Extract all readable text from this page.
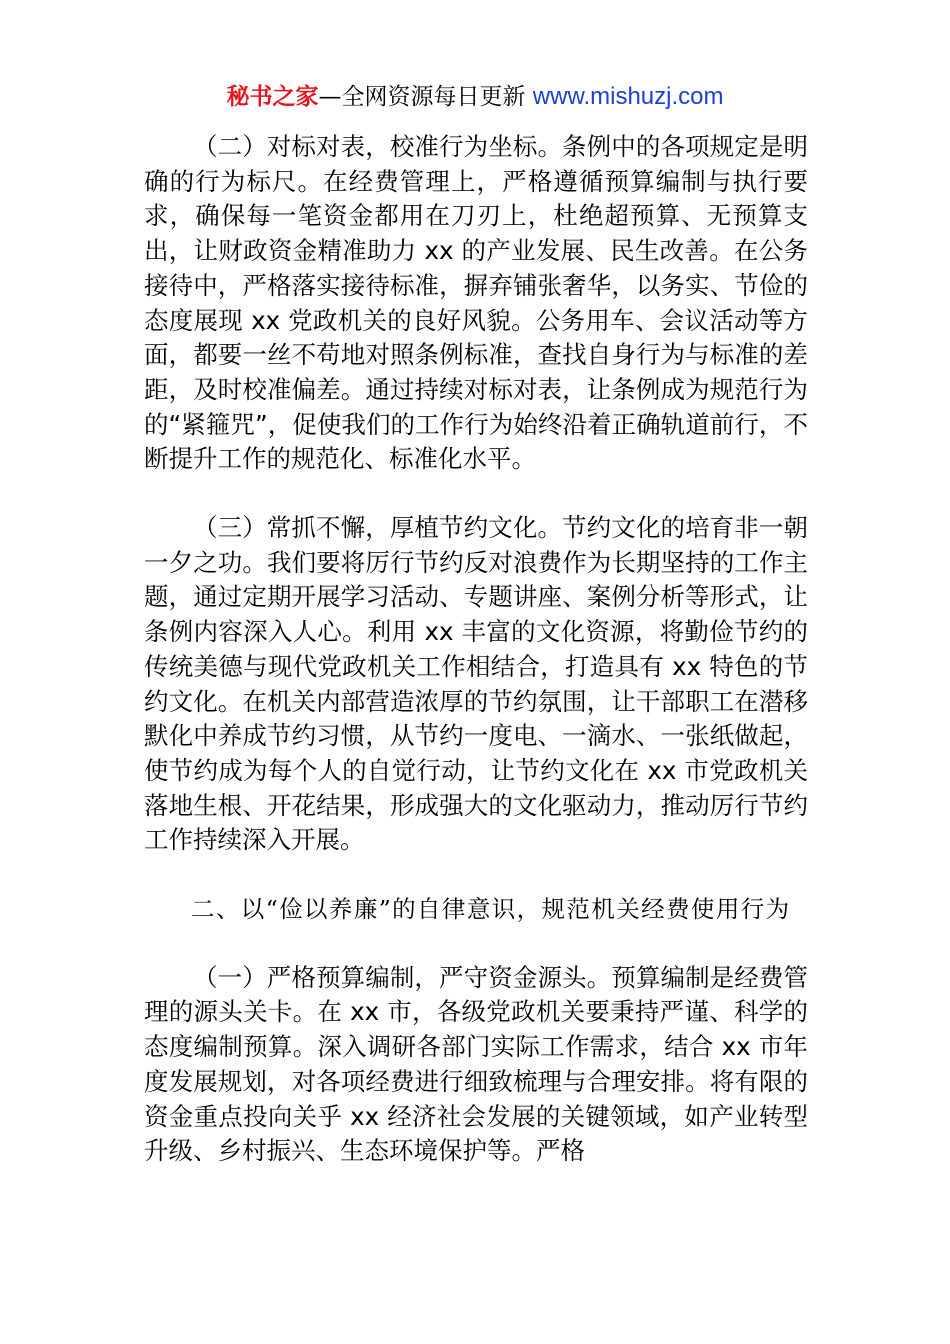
秘书之家—全网资源每日更新 www.mishuzj.com

（二）对标对表，校准行为坐标。条例中的各项规定是明确的行为标尺。在经费管理上，严格遵循预算编制与执行要求，确保每一笔资金都用在刀刃上，杜绝超预算、无预算支出，让财政资金精准助力 xx 的产业发展、民生改善。在公务接待中，严格落实接待标准，摒弃铺张奢华，以务实、节俭的态度展现 xx 党政机关的良好风貌。公务用车、会议活动等方面，都要一丝不苟地对照条例标准，查找自身行为与标准的差距，及时校准偏差。通过持续对标对表，让条例成为规范行为的“紧箍咒”，促使我们的工作行为始终沿着正确轨道前行，不断提升工作的规范化、标准化水平。

（三）常抓不懈，厚植节约文化。节约文化的培育非一朝一夕之功。我们要将厉行节约反对浪费作为长期坚持的工作主题，通过定期开展学习活动、专题讲座、案例分析等形式，让条例内容深入人心。利用 xx 丰富的文化资源，将勤俭节约的传统美德与现代党政机关工作相结合，打造具有 xx 特色的节约文化。在机关内部营造浓厚的节约氛围，让干部职工在潜移默化中养成节约习惯，从节约一度电、一滴水、一张纸做起，使节约成为每个人的自觉行动，让节约文化在 xx 市党政机关落地生根、开花结果，形成强大的文化驱动力，推动厉行节约工作持续深入开展。

二、以“俭以养廉”的自律意识，规范机关经费使用行为

（一）严格预算编制，严守资金源头。预算编制是经费管理的源头关卡。在 xx 市，各级党政机关要秉持严谨、科学的态度编制预算。深入调研各部门实际工作需求，结合 xx 市年度发展规划，对各项经费进行细致梳理与合理安排。将有限的资金重点投向关乎 xx 经济社会发展的关键领域，如产业转型升级、乡村振兴、生态环境保护等。严格
